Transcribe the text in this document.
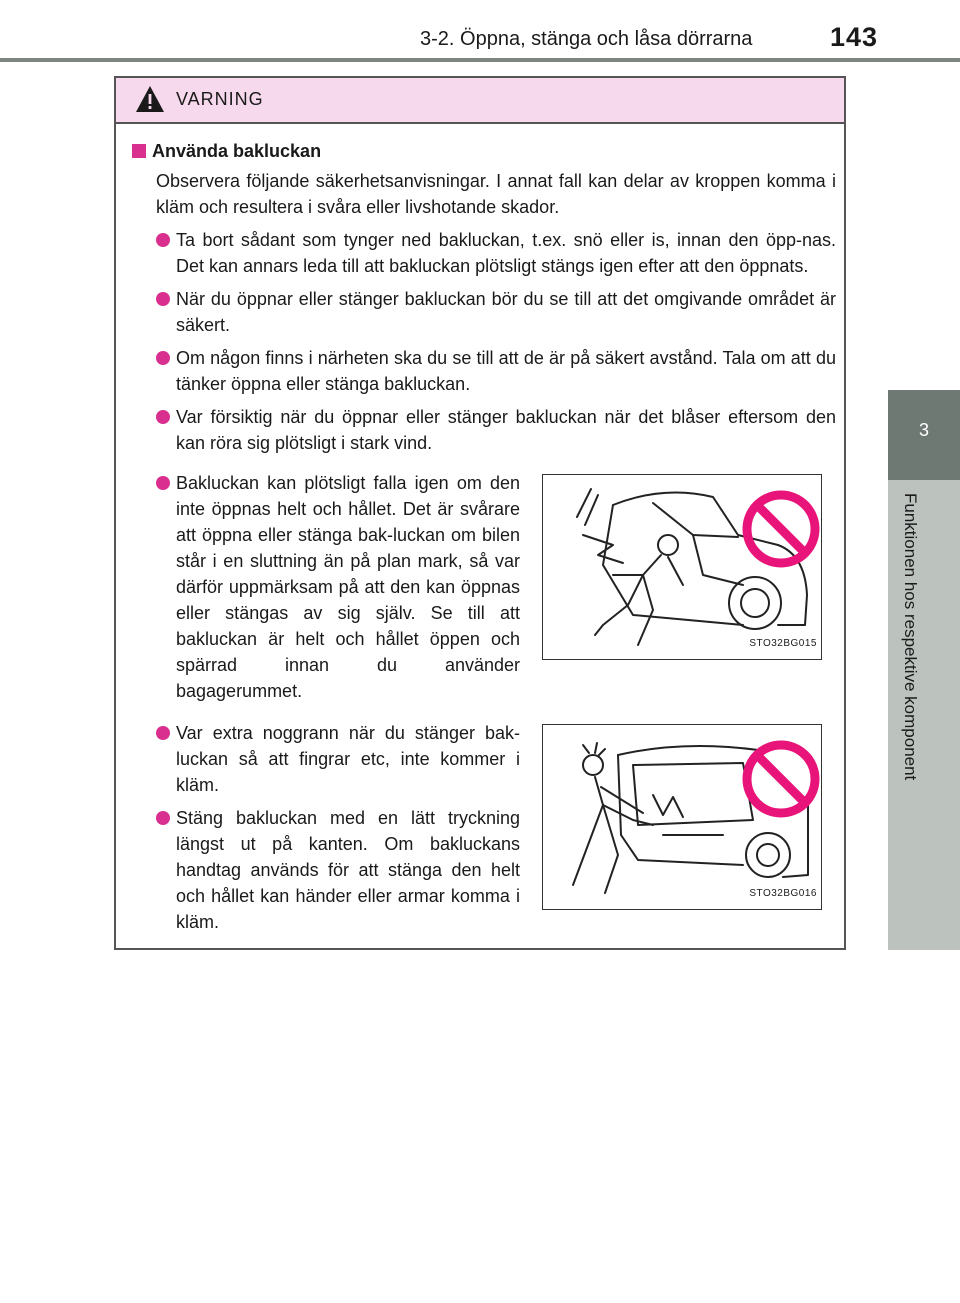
3-2. Öppna, stänga och låsa dörrarna	143
3
Funktionen hos respektive komponent
VARNING
Använda bakluckan
Observera följande säkerhetsanvisningar. I annat fall kan delar av kroppen komma i kläm och resultera i svåra eller livshotande skador.
Ta bort sådant som tynger ned bakluckan, t.ex. snö eller is, innan den öpp-nas. Det kan annars leda till att bakluckan plötsligt stängs igen efter att den öppnats.
När du öppnar eller stänger bakluckan bör du se till att det omgivande området är säkert.
Om någon finns i närheten ska du se till att de är på säkert avstånd. Tala om att du tänker öppna eller stänga bakluckan.
Var försiktig när du öppnar eller stänger bakluckan när det blåser eftersom den kan röra sig plötsligt i stark vind.
Bakluckan kan plötsligt falla igen om den inte öppnas helt och hållet. Det är svårare att öppna eller stänga bak-luckan om bilen står i en sluttning än på plan mark, så var därför uppmärksam på att den kan öppnas eller stängas av sig själv. Se till att bakluckan är helt och hållet öppen och spärrad innan du använder bagagerummet.
STO32BG015
Var extra noggrann när du stänger bak-luckan så att fingrar etc, inte kommer i kläm.
Stäng bakluckan med en lätt tryckning längst ut på kanten. Om bakluckans handtag används för att stänga den helt och hållet kan händer eller armar komma i kläm.
STO32BG016
